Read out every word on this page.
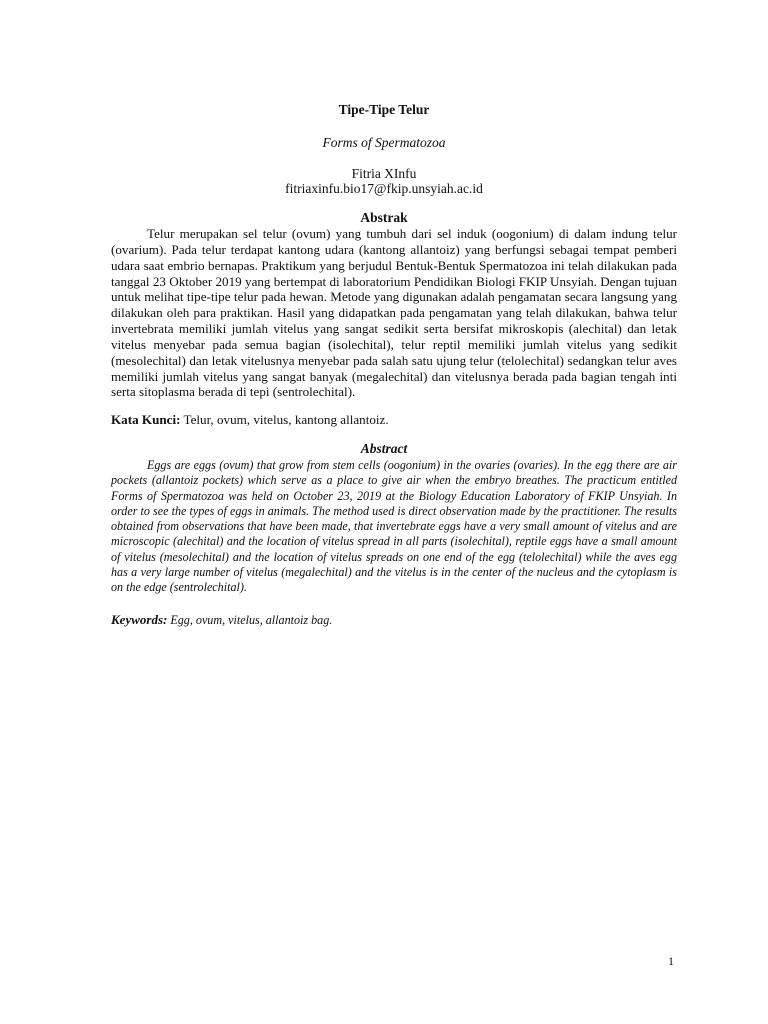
Tipe-Tipe Telur
Forms of Spermatozoa
Fitria XInfu
fitriaxinfu.bio17@fkip.unsyiah.ac.id
Abstrak
Telur merupakan sel telur (ovum) yang tumbuh dari sel induk (oogonium) di dalam indung telur (ovarium). Pada telur terdapat kantong udara (kantong allantoiz) yang berfungsi sebagai tempat pemberi udara saat embrio bernapas. Praktikum yang berjudul Bentuk-Bentuk Spermatozoa ini telah dilakukan pada tanggal 23 Oktober 2019 yang bertempat di laboratorium Pendidikan Biologi FKIP Unsyiah. Dengan tujuan untuk melihat tipe-tipe telur pada hewan. Metode yang digunakan adalah pengamatan secara langsung yang dilakukan oleh para praktikan. Hasil yang didapatkan pada pengamatan yang telah dilakukan, bahwa telur invertebrata memiliki jumlah vitelus yang sangat sedikit serta bersifat mikroskopis (alechital) dan letak vitelus menyebar pada semua bagian (isolechital), telur reptil memiliki jumlah vitelus yang sedikit (mesolechital) dan letak vitelusnya menyebar pada salah satu ujung telur (telolechital) sedangkan telur aves memiliki jumlah vitelus yang sangat banyak (megalechital) dan vitelusnya berada pada bagian tengah inti serta sitoplasma berada di tepi (sentrolechital).
Kata Kunci: Telur, ovum, vitelus, kantong allantoiz.
Abstract
Eggs are eggs (ovum) that grow from stem cells (oogonium) in the ovaries (ovaries). In the egg there are air pockets (allantoiz pockets) which serve as a place to give air when the embryo breathes. The practicum entitled Forms of Spermatozoa was held on October 23, 2019 at the Biology Education Laboratory of FKIP Unsyiah. In order to see the types of eggs in animals. The method used is direct observation made by the practitioner. The results obtained from observations that have been made, that invertebrate eggs have a very small amount of vitelus and are microscopic (alechital) and the location of vitelus spread in all parts (isolechital), reptile eggs have a small amount of vitelus (mesolechital) and the location of vitelus spreads on one end of the egg (telolechital) while the aves egg has a very large number of vitelus (megalechital) and the vitelus is in the center of the nucleus and the cytoplasm is on the edge (sentrolechital).
Keywords: Egg, ovum, vitelus, allantoiz bag.
1
